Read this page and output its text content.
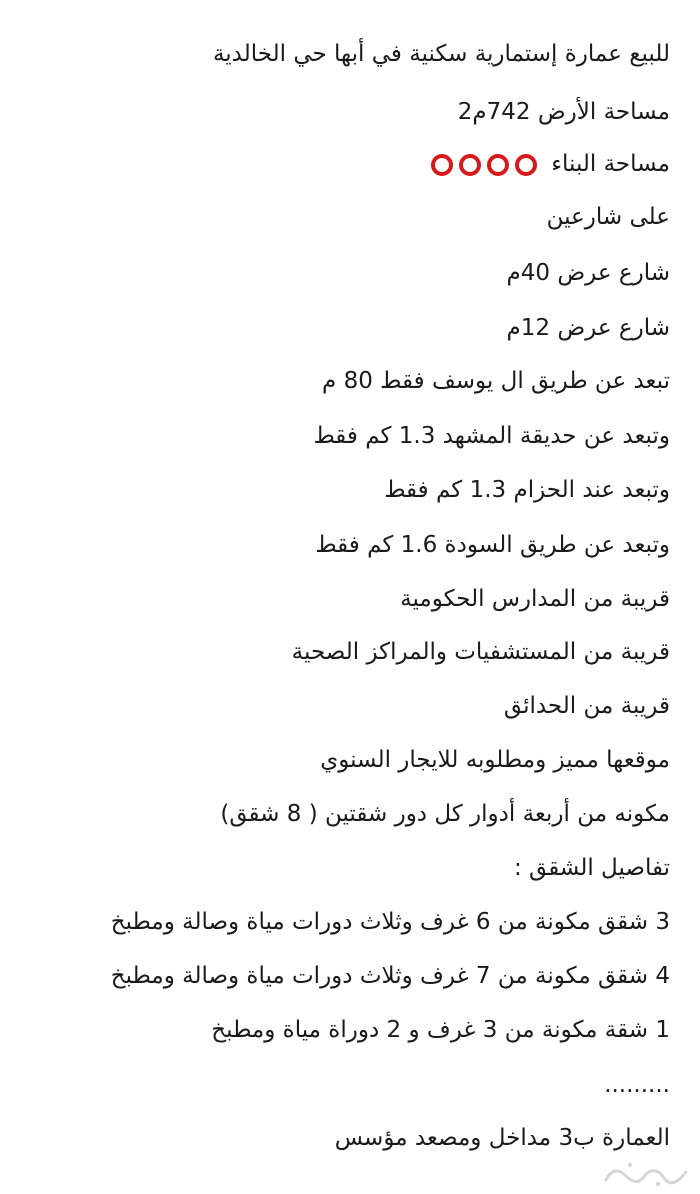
للبيع عمارة إستمارية سكنية في أبها حي الخالدية
مساحة الأرض 742م2
مساحة البناء
على شارعين
شارع عرض 40م
شارع عرض 12م
تبعد عن طريق ال يوسف فقط 80 م
وتبعد عن حديقة المشهد 1.3 كم فقط
وتبعد عند الحزام 1.3 كم فقط
وتبعد عن طريق السودة 1.6 كم فقط
قريبة من المدارس الحكومية
قريبة من المستشفيات والمراكز الصحية
قريبة من الحدائق
موقعها مميز ومطلوبه للايجار السنوي
مكونه من أربعة أدوار كل دور شقتين ( 8 شقق)
تفاصيل الشقق :
3 شقق مكونة من 6 غرف وثلاث دورات مياة وصالة ومطبخ
4 شقق مكونة من 7 غرف وثلاث دورات مياة وصالة ومطبخ
1 شقة مكونة من 3 غرف و 2 دوراة مياة ومطبخ
.........
العمارة ب3 مداخل ومصعد مؤسس
